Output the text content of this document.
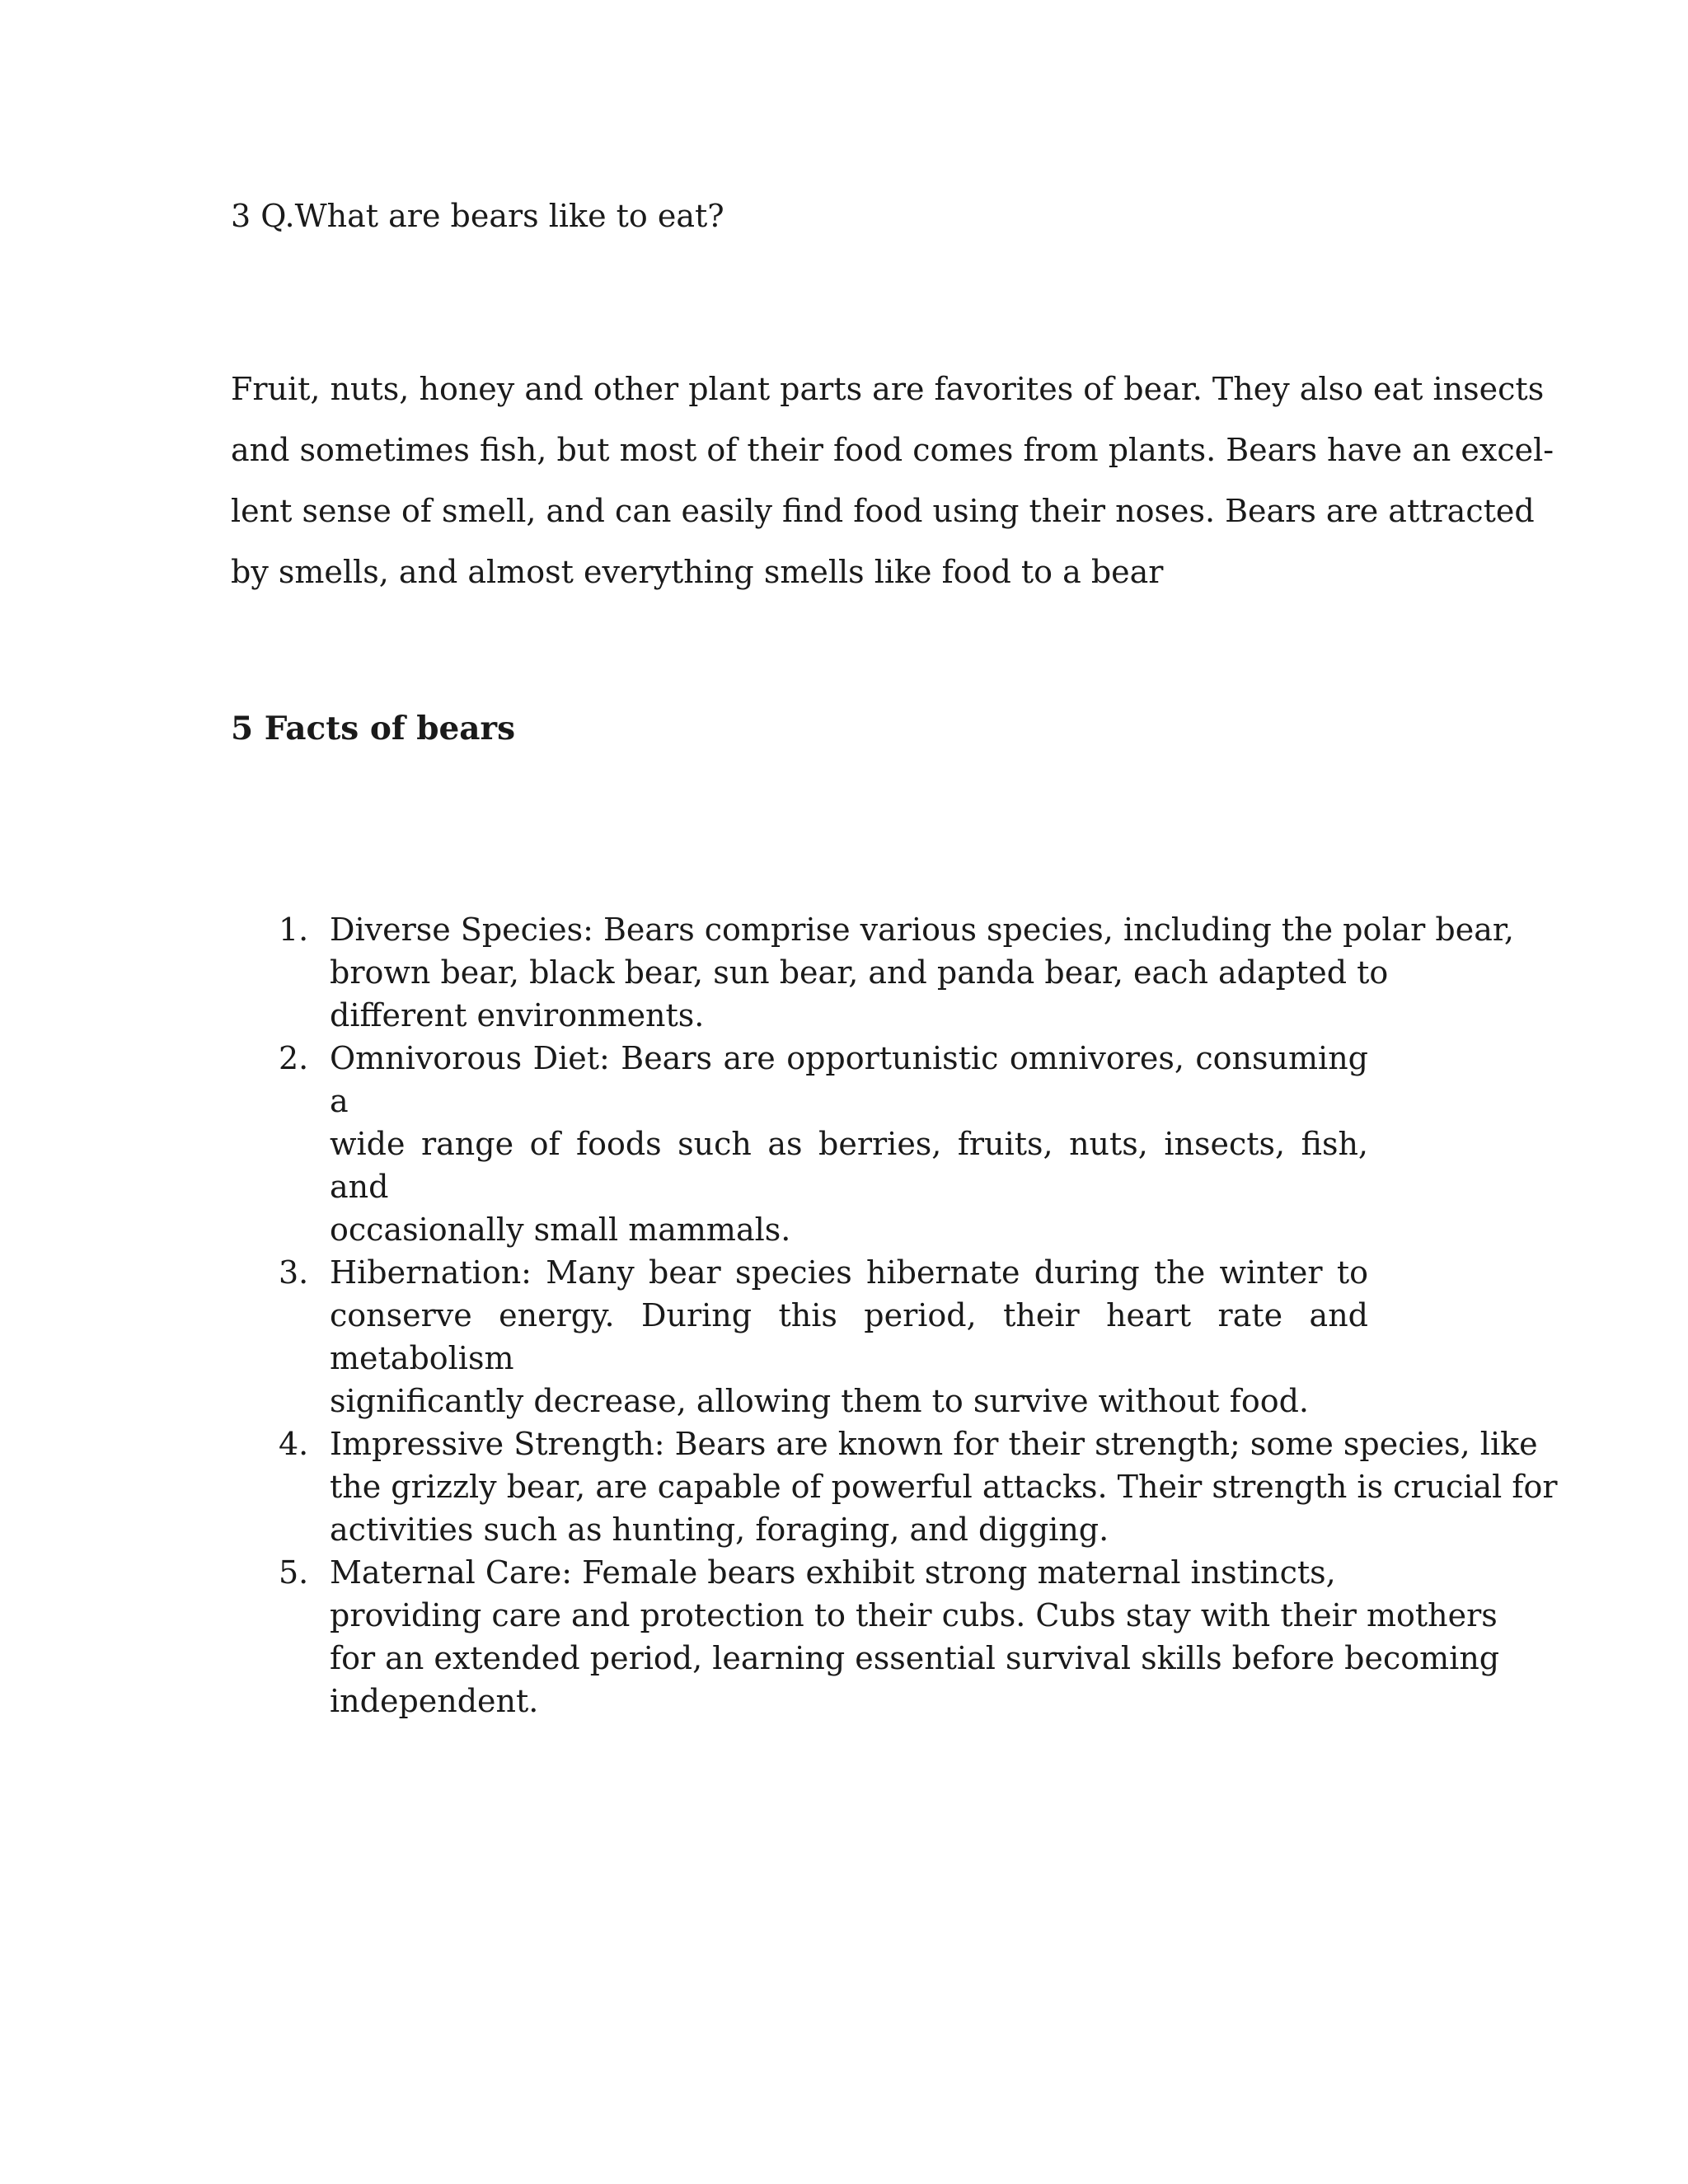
3 Q.What are bears like to eat?

Fruit, nuts, honey and other plant parts are favorites of bear. They also eat insects
and sometimes fish, but most of their food comes from plants. Bears have an excel-
lent sense of smell, and can easily find food using their noses. Bears are attracted
by smells, and almost everything smells like food to a bear

5 Facts of bears
1. Diverse Species: Bears comprise various species, including the polar bear,
brown bear, black bear, sun bear, and panda bear, each adapted to
different environments.
2. Omnivorous Diet: Bears are opportunistic omnivores, consuming a
wide range of foods such as berries, fruits, nuts, insects, fish, and
occasionally small mammals.
3. Hibernation: Many bear species hibernate during the winter to
conserve energy. During this period, their heart rate and metabolism
significantly decrease, allowing them to survive without food.
4. Impressive Strength: Bears are known for their strength; some species, like
the grizzly bear, are capable of powerful attacks. Their strength is crucial for
activities such as hunting, foraging, and digging.
5. Maternal Care: Female bears exhibit strong maternal instincts,
providing care and protection to their cubs. Cubs stay with their mothers
for an extended period, learning essential survival skills before becoming
independent.
